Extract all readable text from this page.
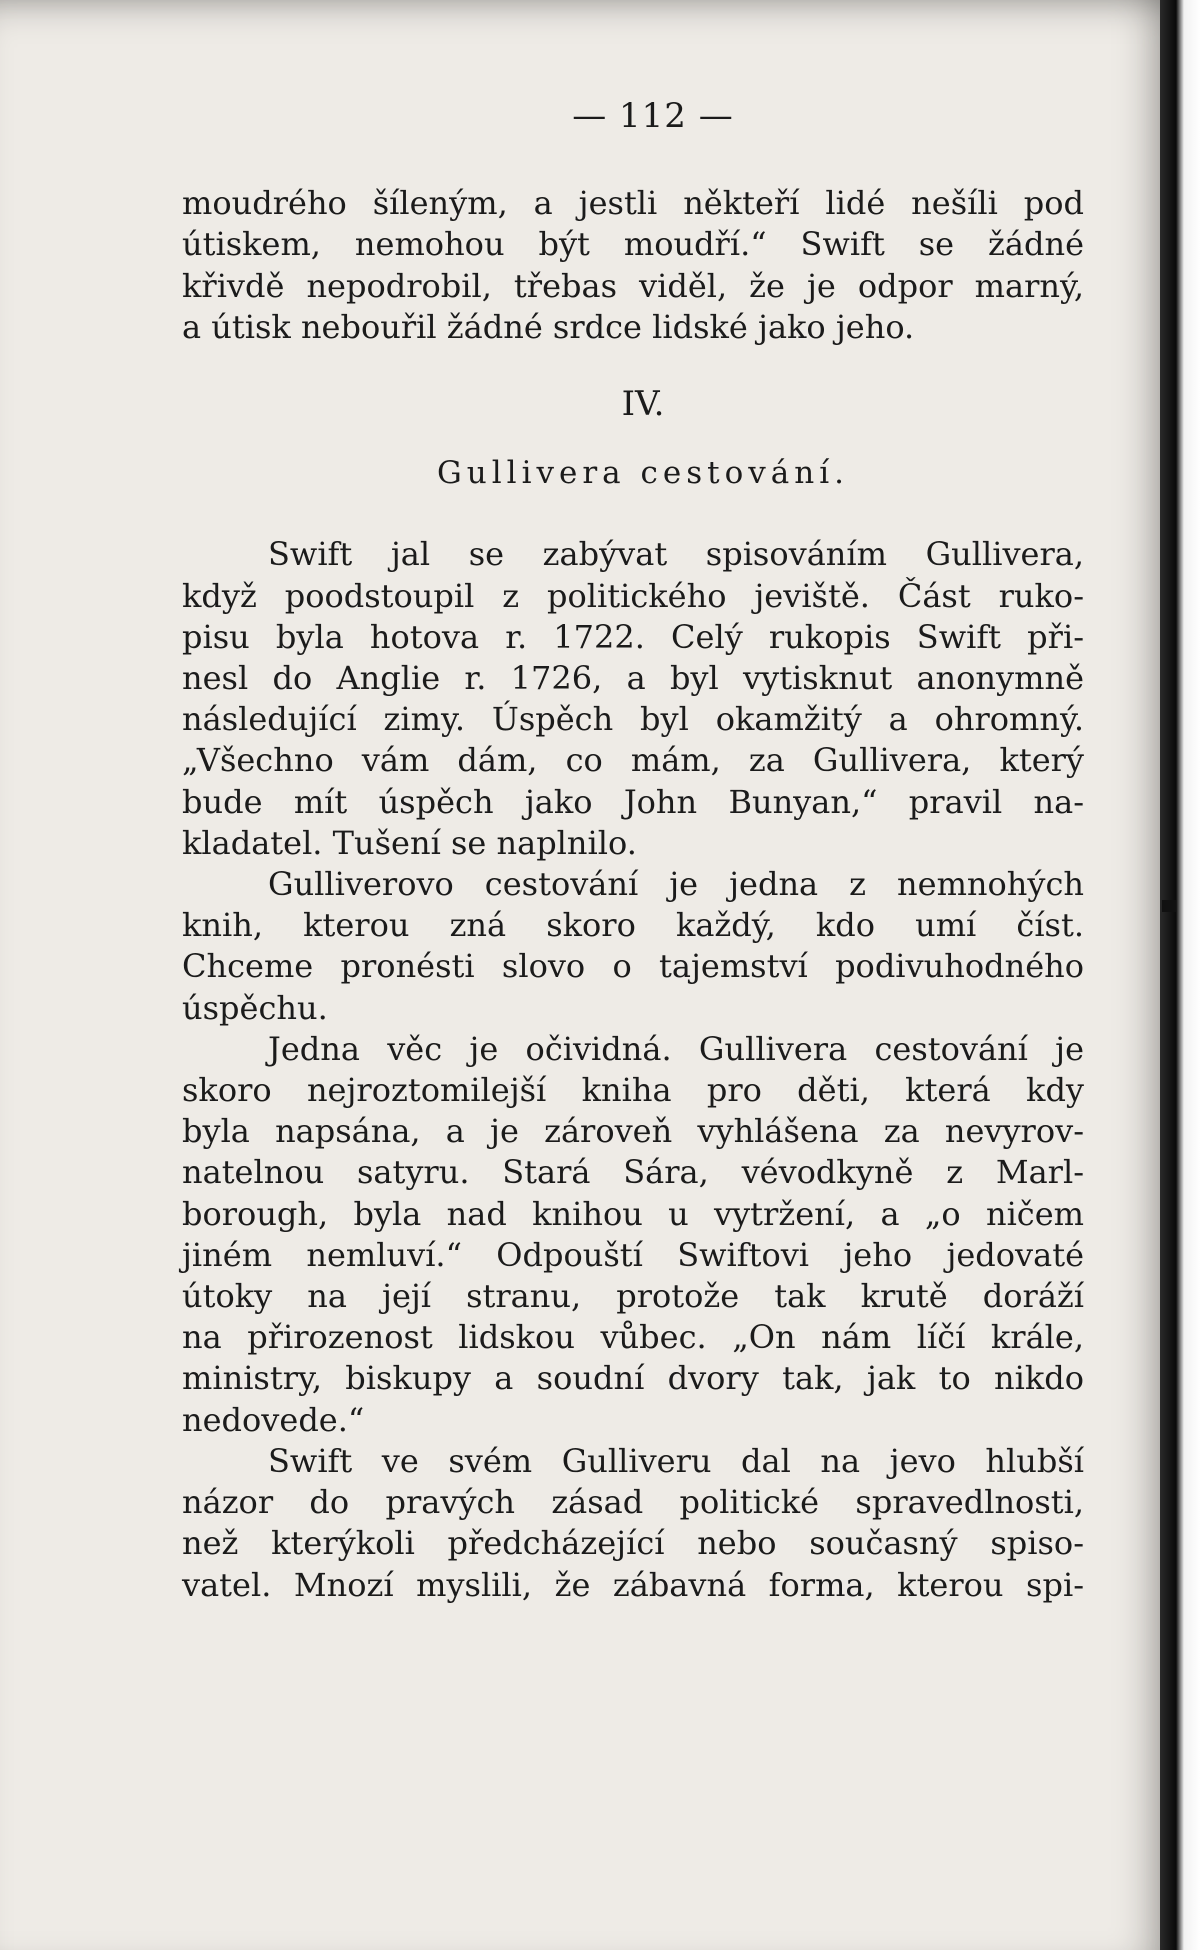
— 112 —
moudrého šíleným, a jestli někteří lidé nešíli pod
útiskem, nemohou být moudří.“ Swift se žádné
křivdě nepodrobil, třebas viděl, že je odpor marný,
a útisk nebouřil žádné srdce lidské jako jeho.
IV.
Gullivera cestování.
Swift jal se zabývat spisováním Gullivera,
když poodstoupil z politického jeviště. Část ruko-
pisu byla hotova r. 1722. Celý rukopis Swift při-
nesl do Anglie r. 1726, a byl vytisknut anonymně
následující zimy. Úspěch byl okamžitý a ohromný.
„Všechno vám dám, co mám, za Gullivera, který
bude mít úspěch jako John Bunyan,“ pravil na-
kladatel. Tušení se naplnilo.
Gulliverovo cestování je jedna z nemnohých
knih, kterou zná skoro každý, kdo umí číst.
Chceme pronésti slovo o tajemství podivuhodného
úspěchu.
Jedna věc je očividná. Gullivera cestování je
skoro nejroztomilejší kniha pro děti, která kdy
byla napsána, a je zároveň vyhlášena za nevyrov-
natelnou satyru. Stará Sára, vévodkyně z Marl-
borough, byla nad knihou u vytržení, a „o ničem
jiném nemluví.“ Odpouští Swiftovi jeho jedovaté
útoky na její stranu, protože tak krutě doráží
na přirozenost lidskou vůbec. „On nám líčí krále,
ministry, biskupy a soudní dvory tak, jak to nikdo
nedovede.“
Swift ve svém Gulliveru dal na jevo hlubší
názor do pravých zásad politické spravedlnosti,
než kterýkoli předcházející nebo současný spiso-
vatel. Mnozí myslili, že zábavná forma, kterou spi-
